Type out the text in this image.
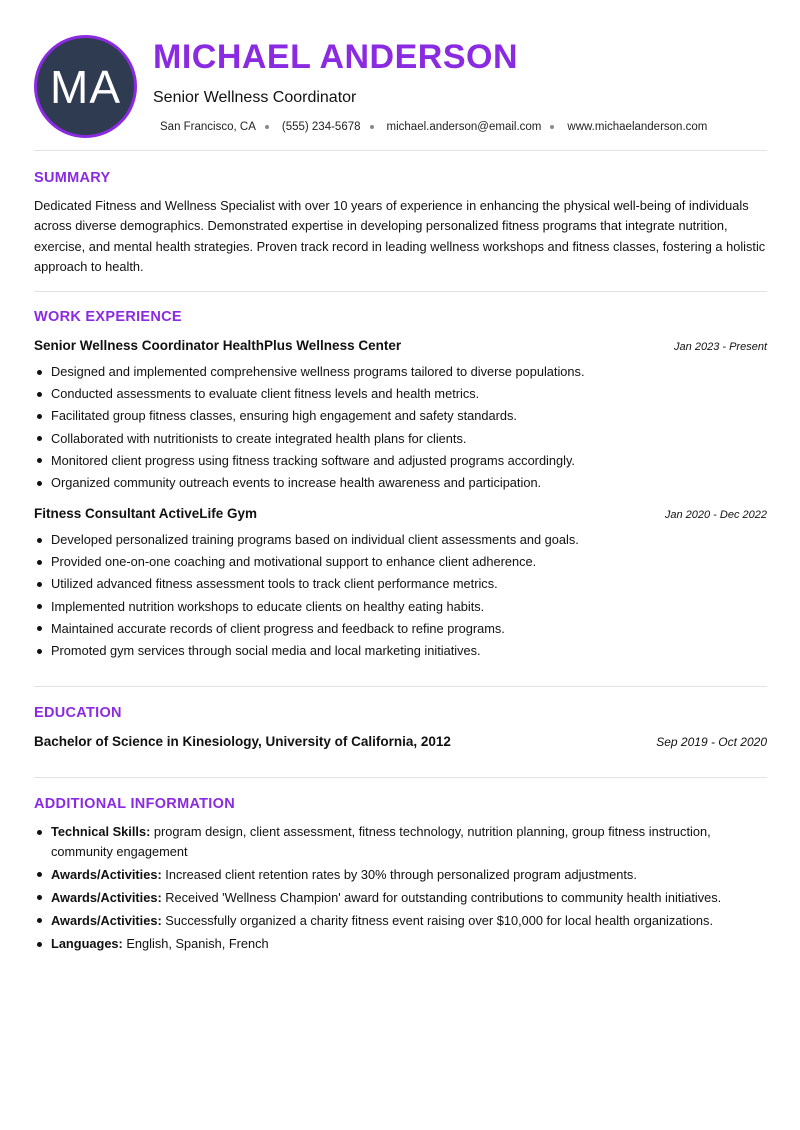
MA
MICHAEL ANDERSON
Senior Wellness Coordinator
San Francisco, CA (555) 234-5678 michael.anderson@email.com www.michaelanderson.com
SUMMARY

Dedicated Fitness and Wellness Specialist with over 10 years of experience in enhancing the physical well-being of individuals across diverse demographics. Demonstrated expertise in developing personalized fitness programs that integrate nutrition, exercise, and mental health strategies. Proven track record in leading wellness workshops and fitness classes, fostering a holistic approach to health.

WORK EXPERIENCE
Senior Wellness Coordinator HealthPlus Wellness Center	Jan 2023 - Present
Designed and implemented comprehensive wellness programs tailored to diverse populations.
Conducted assessments to evaluate client fitness levels and health metrics.
Facilitated group fitness classes, ensuring high engagement and safety standards.
Collaborated with nutritionists to create integrated health plans for clients.
Monitored client progress using fitness tracking software and adjusted programs accordingly.
Organized community outreach events to increase health awareness and participation.
Fitness Consultant ActiveLife Gym	Jan 2020 - Dec 2022
Developed personalized training programs based on individual client assessments and goals.
Provided one-on-one coaching and motivational support to enhance client adherence.
Utilized advanced fitness assessment tools to track client performance metrics.
Implemented nutrition workshops to educate clients on healthy eating habits.
Maintained accurate records of client progress and feedback to refine programs.
Promoted gym services through social media and local marketing initiatives.
EDUCATION
Bachelor of Science in Kinesiology, University of California, 2012	Sep 2019 - Oct 2020
ADDITIONAL INFORMATION
Technical Skills: program design, client assessment, fitness technology, nutrition planning, group fitness instruction, community engagement
Awards/Activities: Increased client retention rates by 30% through personalized program adjustments.
Awards/Activities: Received 'Wellness Champion' award for outstanding contributions to community health initiatives.
Awards/Activities: Successfully organized a charity fitness event raising over $10,000 for local health organizations.
Languages: English, Spanish, French
